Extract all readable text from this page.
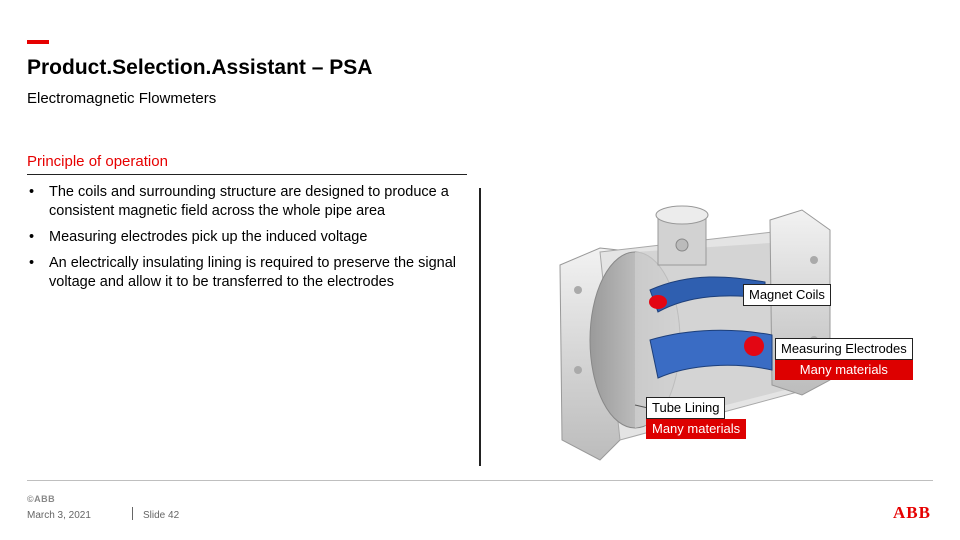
Product.Selection.Assistant – PSA
Electromagnetic Flowmeters
Principle of operation
• The coils and surrounding structure are designed to produce a consistent magnetic field across the whole pipe area
• Measuring electrodes pick up the induced voltage
• An electrically insulating lining is required to preserve the signal voltage and allow it to be transferred to the electrodes
Magnet Coils
Measuring Electrodes
Many materials
Tube Lining
Many materials
©ABB
March 3, 2021	Slide 42	ABB
